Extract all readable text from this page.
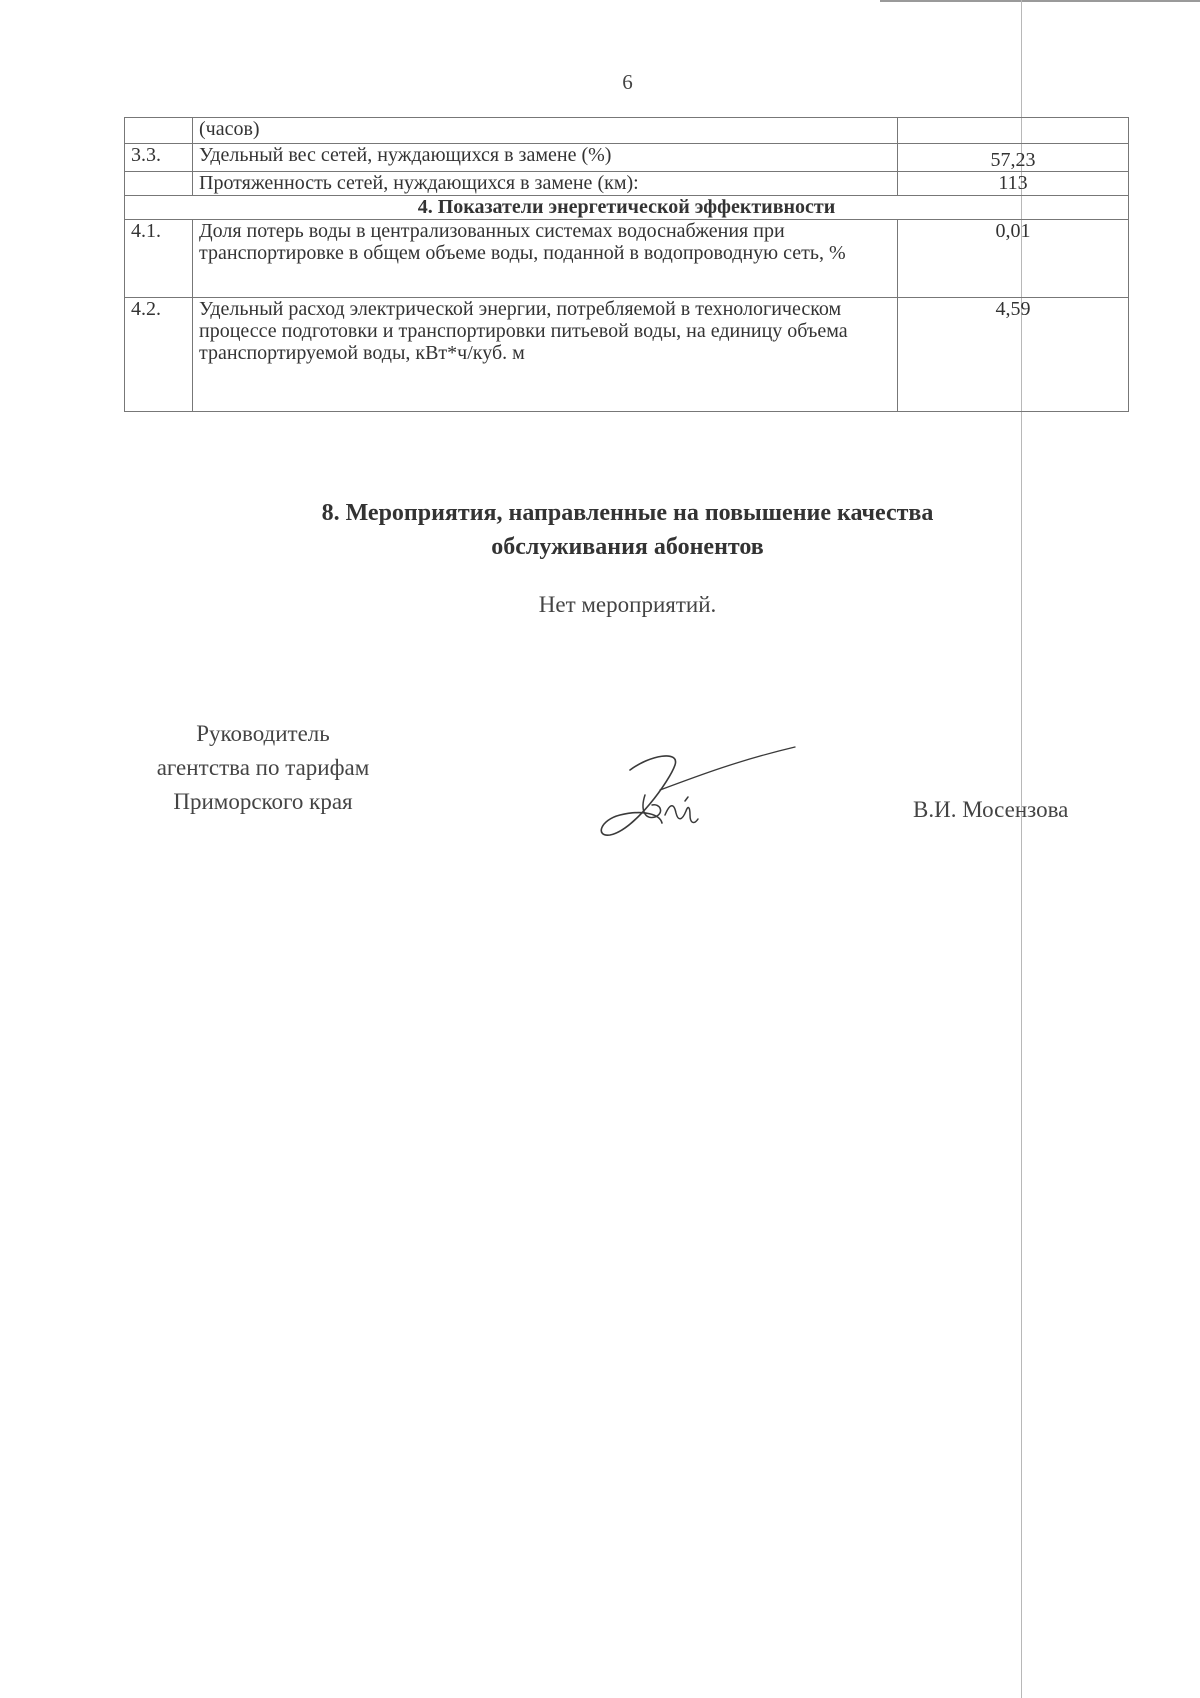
6
	(часов)	
3.3.	Удельный вес сетей, нуждающихся в замене (%)	57,23
	Протяженность сетей, нуждающихся в замене (км):	113
4. Показатели энергетической эффективности		
4.1.	Доля потерь воды в централизованных системах водоснабжения при транспортировке в общем объеме воды, поданной в водопроводную сеть, %	0,01
4.2.	Удельный расход электрической энергии, потребляемой в технологическом процессе подготовки и транспортировки питьевой воды, на единицу объема транспортируемой воды, кВт*ч/куб. м	4,59
8. Мероприятия, направленные на повышение качества
обслуживания абонентов
Нет мероприятий.
Руководитель
агентства по тарифам
Приморского края	В.И. Мосензова
